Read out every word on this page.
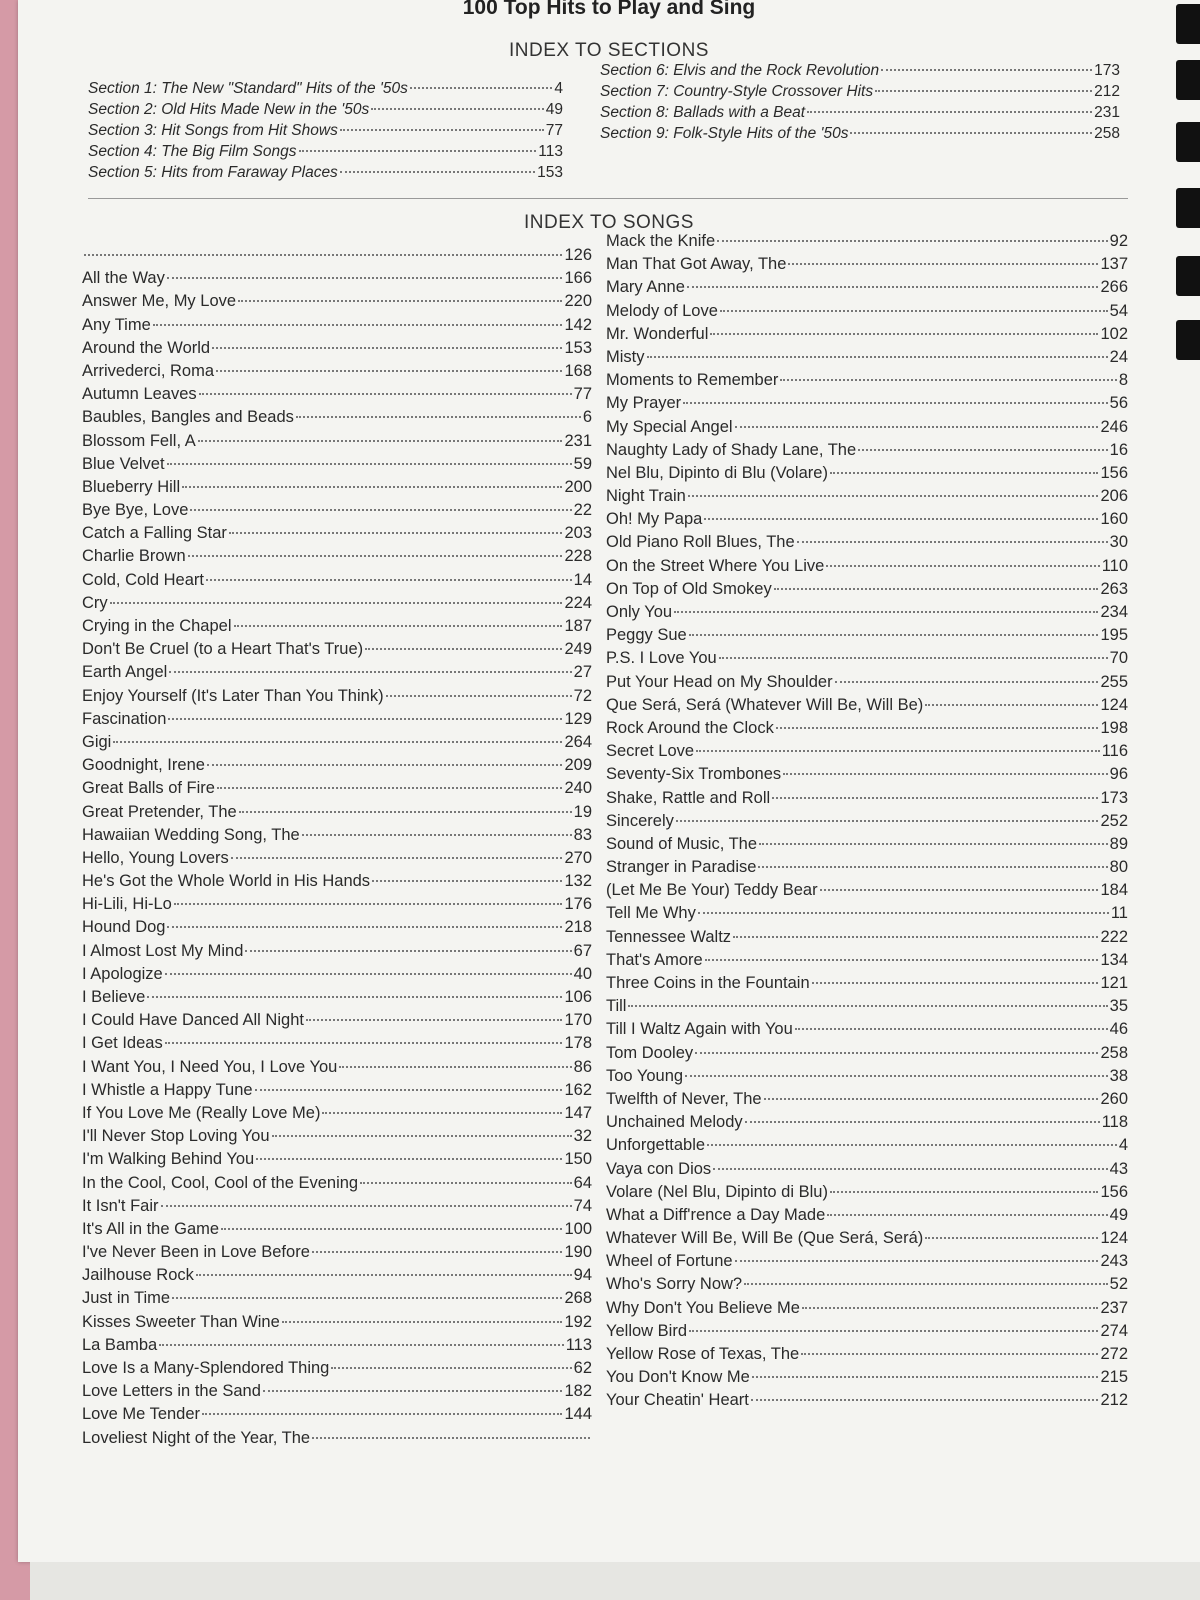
100 Top Hits to Play and Sing
INDEX TO SECTIONS
Section 1: The New "Standard" Hits of the '50s	4
Section 2: Old Hits Made New in the '50s	49
Section 3: Hit Songs from Hit Shows	77
Section 4: The Big Film Songs	113
Section 5: Hits from Faraway Places	153
Section 6: Elvis and the Rock Revolution	173
Section 7: Country-Style Crossover Hits	212
Section 8: Ballads with a Beat	231
Section 9: Folk-Style Hits of the '50s	258
INDEX TO SONGS
126
All the Way	166
Answer Me, My Love	220
Any Time	142
Around the World	153
Arrivederci, Roma	168
Autumn Leaves	77
Baubles, Bangles and Beads	6
Blossom Fell, A	231
Blue Velvet	59
Blueberry Hill	200
Bye Bye, Love	22
Catch a Falling Star	203
Charlie Brown	228
Cold, Cold Heart	14
Cry	224
Crying in the Chapel	187
Don't Be Cruel (to a Heart That's True)	249
Earth Angel	27
Enjoy Yourself (It's Later Than You Think)	72
Fascination	129
Gigi	264
Goodnight, Irene	209
Great Balls of Fire	240
Great Pretender, The	19
Hawaiian Wedding Song, The	83
Hello, Young Lovers	270
He's Got the Whole World in His Hands	132
Hi-Lili, Hi-Lo	176
Hound Dog	218
I Almost Lost My Mind	67
I Apologize	40
I Believe	106
I Could Have Danced All Night	170
I Get Ideas	178
I Want You, I Need You, I Love You	86
I Whistle a Happy Tune	162
If You Love Me (Really Love Me)	147
I'll Never Stop Loving You	32
I'm Walking Behind You	150
In the Cool, Cool, Cool of the Evening	64
It Isn't Fair	74
It's All in the Game	100
I've Never Been in Love Before	190
Jailhouse Rock	94
Just in Time	268
Kisses Sweeter Than Wine	192
La Bamba	113
Love Is a Many-Splendored Thing	62
Love Letters in the Sand	182
Love Me Tender	144
Loveliest Night of the Year, The
Mack the Knife	92
Man That Got Away, The	137
Mary Anne	266
Melody of Love	54
Mr. Wonderful	102
Misty	24
Moments to Remember	8
My Prayer	56
My Special Angel	246
Naughty Lady of Shady Lane, The	16
Nel Blu, Dipinto di Blu (Volare)	156
Night Train	206
Oh! My Papa	160
Old Piano Roll Blues, The	30
On the Street Where You Live	110
On Top of Old Smokey	263
Only You	234
Peggy Sue	195
P.S. I Love You	70
Put Your Head on My Shoulder	255
Que Será, Será (Whatever Will Be, Will Be)	124
Rock Around the Clock	198
Secret Love	116
Seventy-Six Trombones	96
Shake, Rattle and Roll	173
Sincerely	252
Sound of Music, The	89
Stranger in Paradise	80
(Let Me Be Your) Teddy Bear	184
Tell Me Why	11
Tennessee Waltz	222
That's Amore	134
Three Coins in the Fountain	121
Till	35
Till I Waltz Again with You	46
Tom Dooley	258
Too Young	38
Twelfth of Never, The	260
Unchained Melody	118
Unforgettable	4
Vaya con Dios	43
Volare (Nel Blu, Dipinto di Blu)	156
What a Diff'rence a Day Made	49
Whatever Will Be, Will Be (Que Será, Será)	124
Wheel of Fortune	243
Who's Sorry Now?	52
Why Don't You Believe Me	237
Yellow Bird	274
Yellow Rose of Texas, The	272
You Don't Know Me	215
Your Cheatin' Heart	212
